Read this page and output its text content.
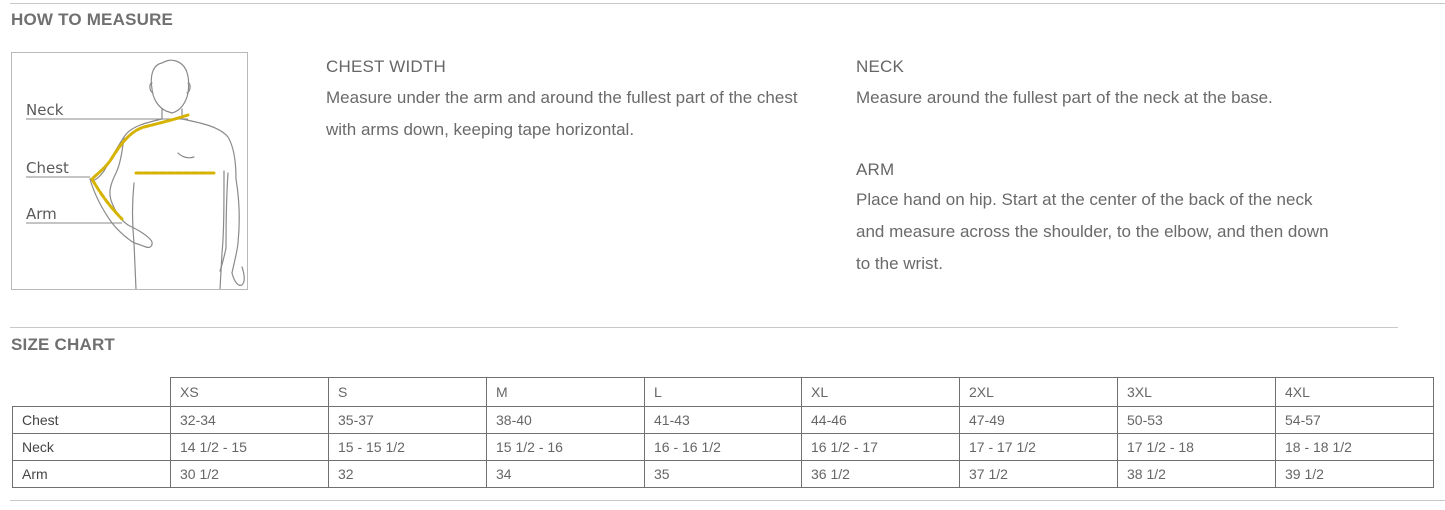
HOW TO MEASURE
Neck
Chest
Arm
CHEST WIDTH
Measure under the arm and around the fullest part of the chest
with arms down, keeping tape horizontal.
NECK
Measure around the fullest part of the neck at the base.
ARM
Place hand on hip. Start at the center of the back of the neck
and measure across the shoulder, to the elbow, and then down
to the wrist.
SIZE CHART
	XS	S	M	L	XL	2XL	3XL	4XL
Chest	32-34	35-37	38-40	41-43	44-46	47-49	50-53	54-57
Neck	14 1/2 - 15	15 - 15 1/2	15 1/2 - 16	16 - 16 1/2	16 1/2 - 17	17 - 17 1/2	17 1/2 - 18	18 - 18 1/2
Arm	30 1/2	32	34	35	36 1/2	37 1/2	38 1/2	39 1/2
